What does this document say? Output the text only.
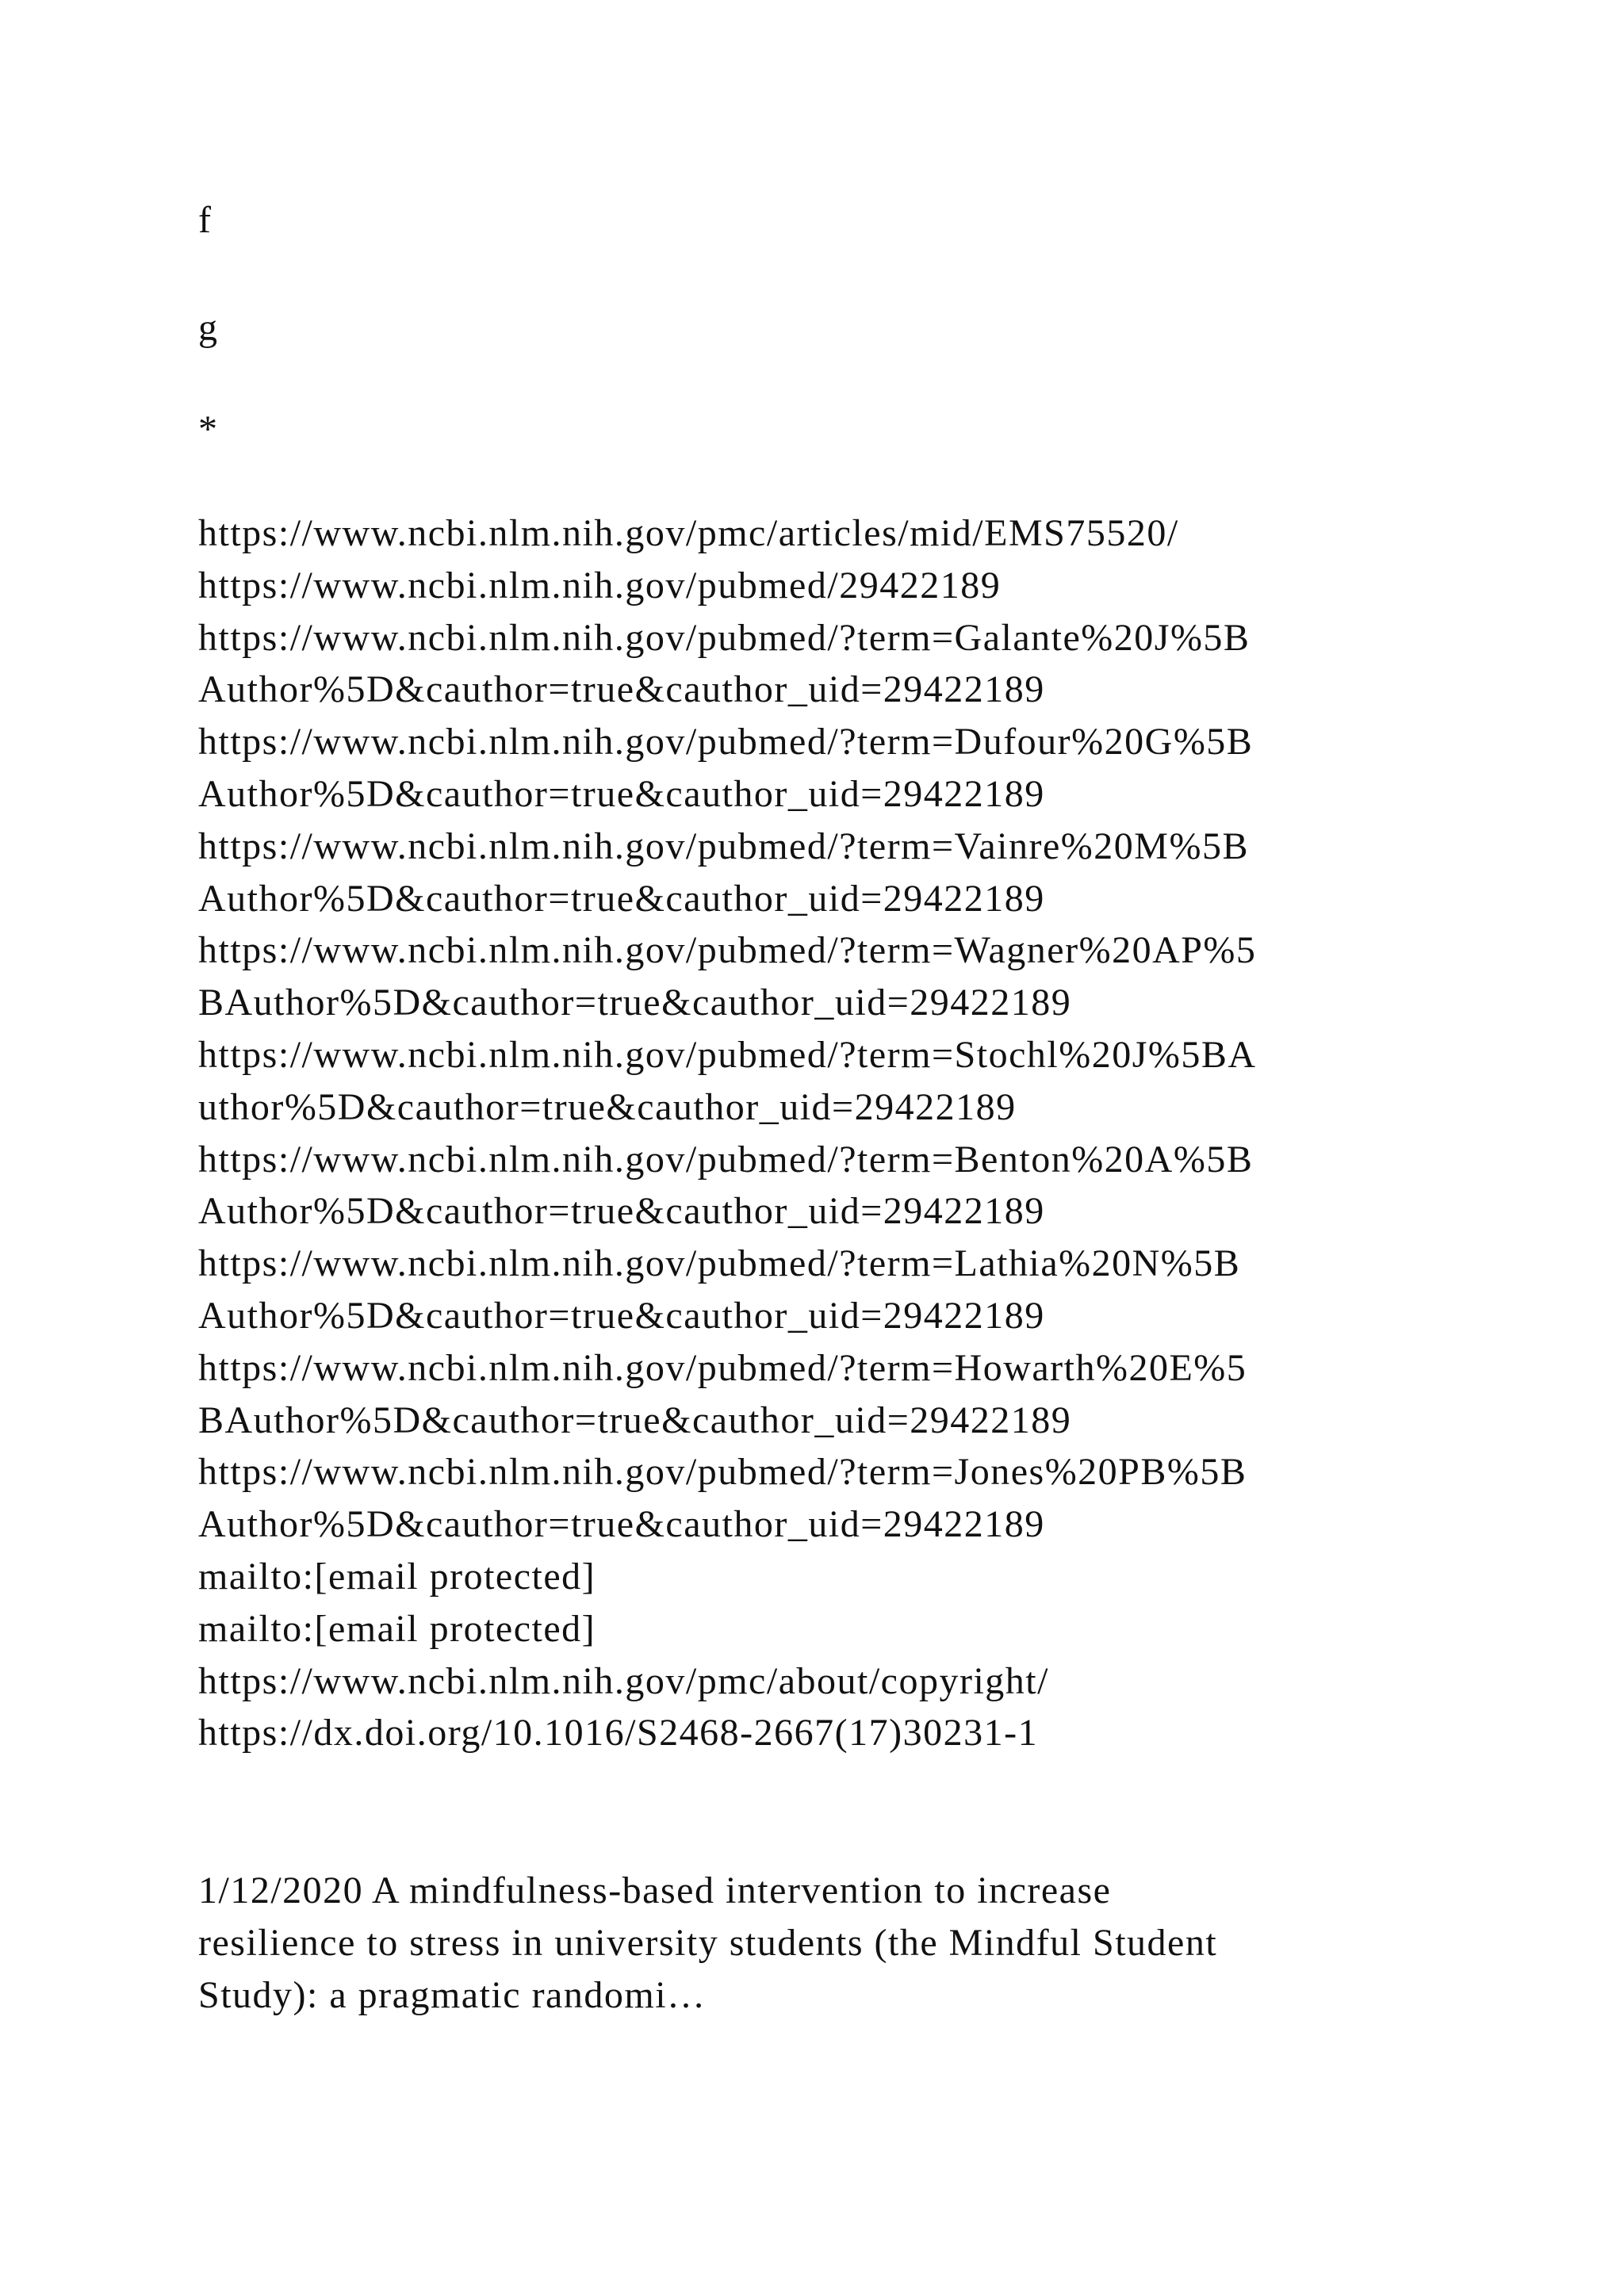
f

g

*

https://www.ncbi.nlm.nih.gov/pmc/articles/mid/EMS75520/
https://www.ncbi.nlm.nih.gov/pubmed/29422189
https://www.ncbi.nlm.nih.gov/pubmed/?term=Galante%20J%5B
Author%5D&cauthor=true&cauthor_uid=29422189
https://www.ncbi.nlm.nih.gov/pubmed/?term=Dufour%20G%5B
Author%5D&cauthor=true&cauthor_uid=29422189
https://www.ncbi.nlm.nih.gov/pubmed/?term=Vainre%20M%5B
Author%5D&cauthor=true&cauthor_uid=29422189
https://www.ncbi.nlm.nih.gov/pubmed/?term=Wagner%20AP%5
BAuthor%5D&cauthor=true&cauthor_uid=29422189
https://www.ncbi.nlm.nih.gov/pubmed/?term=Stochl%20J%5BA
uthor%5D&cauthor=true&cauthor_uid=29422189
https://www.ncbi.nlm.nih.gov/pubmed/?term=Benton%20A%5B
Author%5D&cauthor=true&cauthor_uid=29422189
https://www.ncbi.nlm.nih.gov/pubmed/?term=Lathia%20N%5B
Author%5D&cauthor=true&cauthor_uid=29422189
https://www.ncbi.nlm.nih.gov/pubmed/?term=Howarth%20E%5
BAuthor%5D&cauthor=true&cauthor_uid=29422189
https://www.ncbi.nlm.nih.gov/pubmed/?term=Jones%20PB%5B
Author%5D&cauthor=true&cauthor_uid=29422189
mailto:[email protected]
mailto:[email protected]
https://www.ncbi.nlm.nih.gov/pmc/about/copyright/
https://dx.doi.org/10.1016/S2468-2667(17)30231-1

1/12/2020 A mindfulness-based intervention to increase
resilience to stress in university students (the Mindful Student
Study): a pragmatic randomi…
